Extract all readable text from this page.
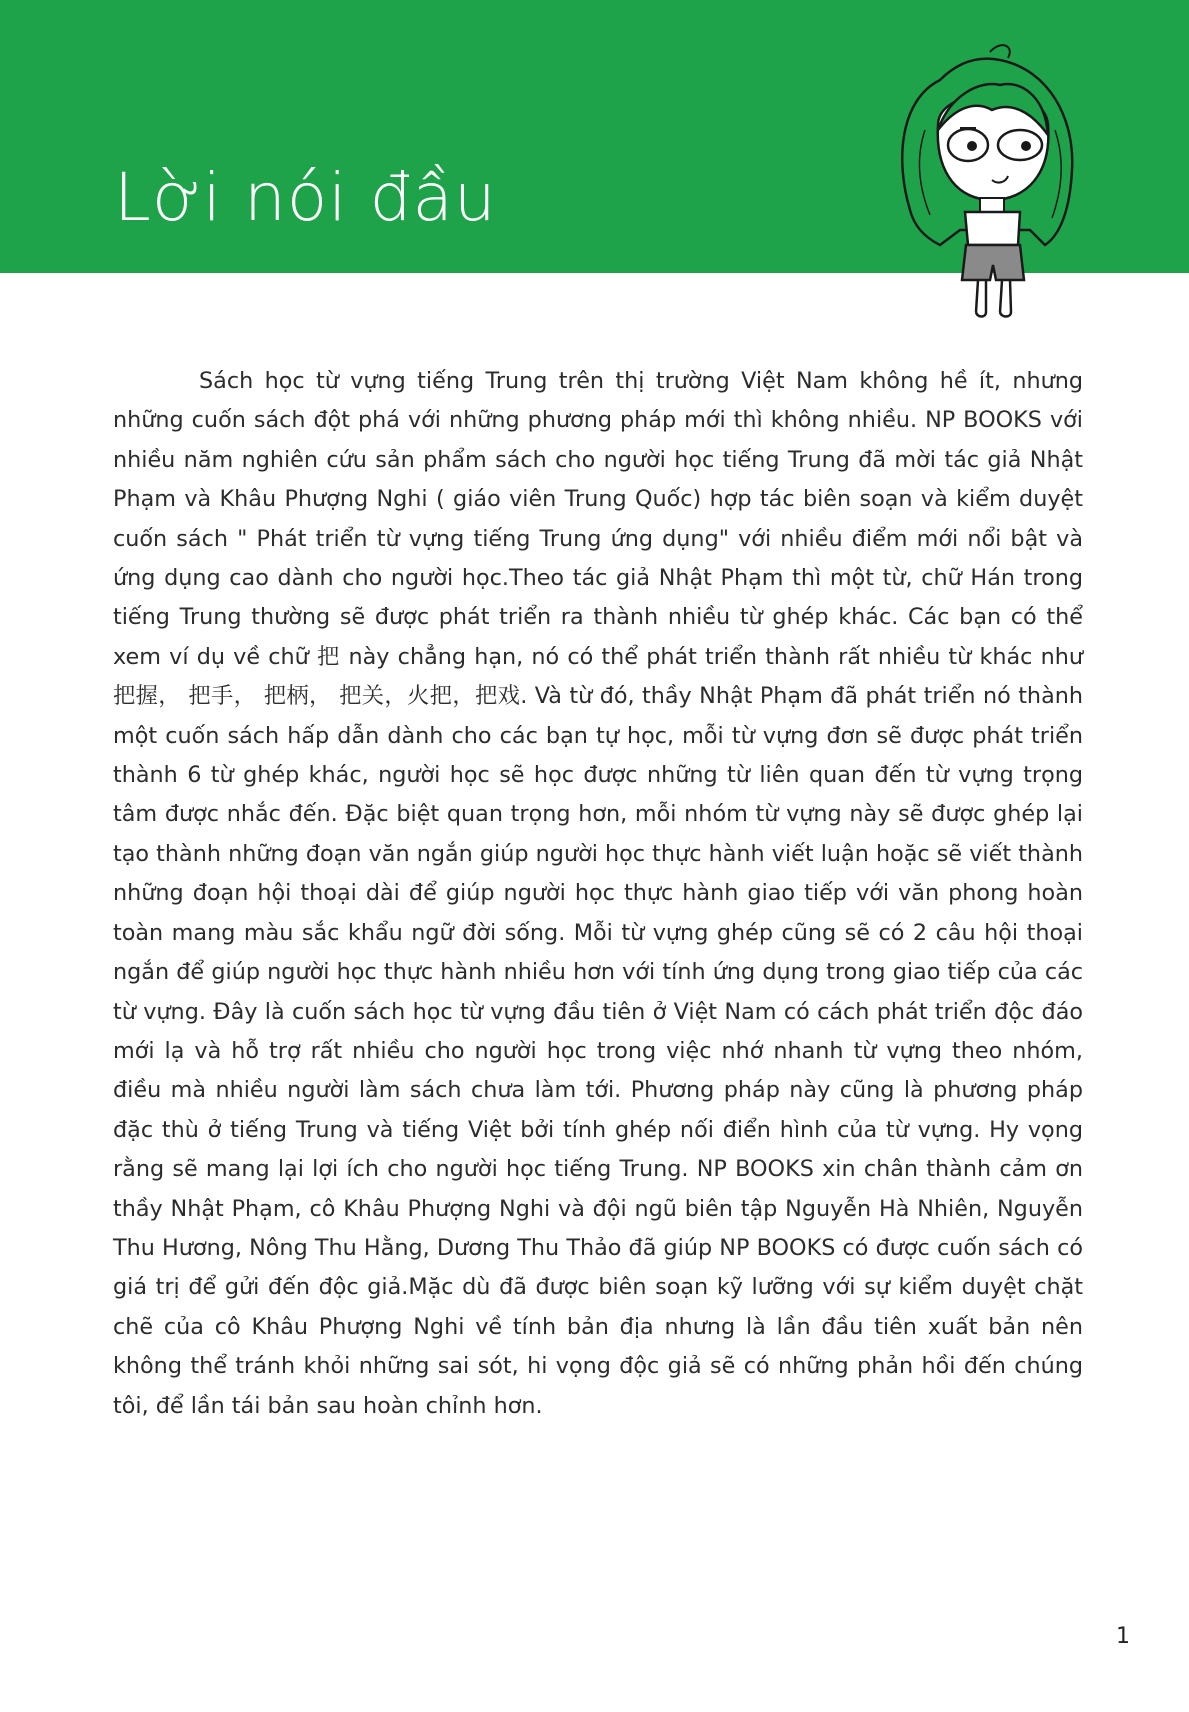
Lời nói đầu

Sách học từ vựng tiếng Trung trên thị trường Việt Nam không hề ít, nhưng những cuốn sách đột phá với những phương pháp mới thì không nhiều. NP BOOKS với nhiều năm nghiên cứu sản phẩm sách cho người học tiếng Trung đã mời tác giả Nhật Phạm và Khâu Phượng Nghi ( giáo viên Trung Quốc) hợp tác biên soạn và kiểm duyệt cuốn sách " Phát triển từ vựng tiếng Trung ứng dụng" với nhiều điểm mới nổi bật và ứng dụng cao dành cho người học.Theo tác giả Nhật Phạm thì một từ, chữ Hán trong tiếng Trung thường sẽ được phát triển ra thành nhiều từ ghép khác. Các bạn có thể xem ví dụ về chữ 把 này chẳng hạn, nó có thể phát triển thành rất nhiều từ khác như 把握， 把手， 把柄， 把关，火把，把戏. Và từ đó, thầy Nhật Phạm đã phát triển nó thành một cuốn sách hấp dẫn dành cho các bạn tự học, mỗi từ vựng đơn sẽ được phát triển thành 6 từ ghép khác, người học sẽ học được những từ liên quan đến từ vựng trọng tâm được nhắc đến. Đặc biệt quan trọng hơn, mỗi nhóm từ vựng này sẽ được ghép lại tạo thành những đoạn văn ngắn giúp người học thực hành viết luận hoặc sẽ viết thành những đoạn hội thoại dài để giúp người học thực hành giao tiếp với văn phong hoàn toàn mang màu sắc khẩu ngữ đời sống. Mỗi từ vựng ghép cũng sẽ có 2 câu hội thoại ngắn để giúp người học thực hành nhiều hơn với tính ứng dụng trong giao tiếp của các từ vựng. Đây là cuốn sách học từ vựng đầu tiên ở Việt Nam có cách phát triển độc đáo mới lạ và hỗ trợ rất nhiều cho người học trong việc nhớ nhanh từ vựng theo nhóm, điều mà nhiều người làm sách chưa làm tới. Phương pháp này cũng là phương pháp đặc thù ở tiếng Trung và tiếng Việt bởi tính ghép nối điển hình của từ vựng. Hy vọng rằng sẽ mang lại lợi ích cho người học tiếng Trung. NP BOOKS xin chân thành cảm ơn thầy Nhật Phạm, cô Khâu Phượng Nghi và đội ngũ biên tập Nguyễn Hà Nhiên, Nguyễn Thu Hương, Nông Thu Hằng, Dương Thu Thảo đã giúp NP BOOKS có được cuốn sách có giá trị để gửi đến độc giả.Mặc dù đã được biên soạn kỹ lưỡng với sự kiểm duyệt chặt chẽ của cô Khâu Phượng Nghi về tính bản địa nhưng là lần đầu tiên xuất bản nên không thể tránh khỏi những sai sót, hi vọng độc giả sẽ có những phản hồi đến chúng tôi, để lần tái bản sau hoàn chỉnh hơn.

1
